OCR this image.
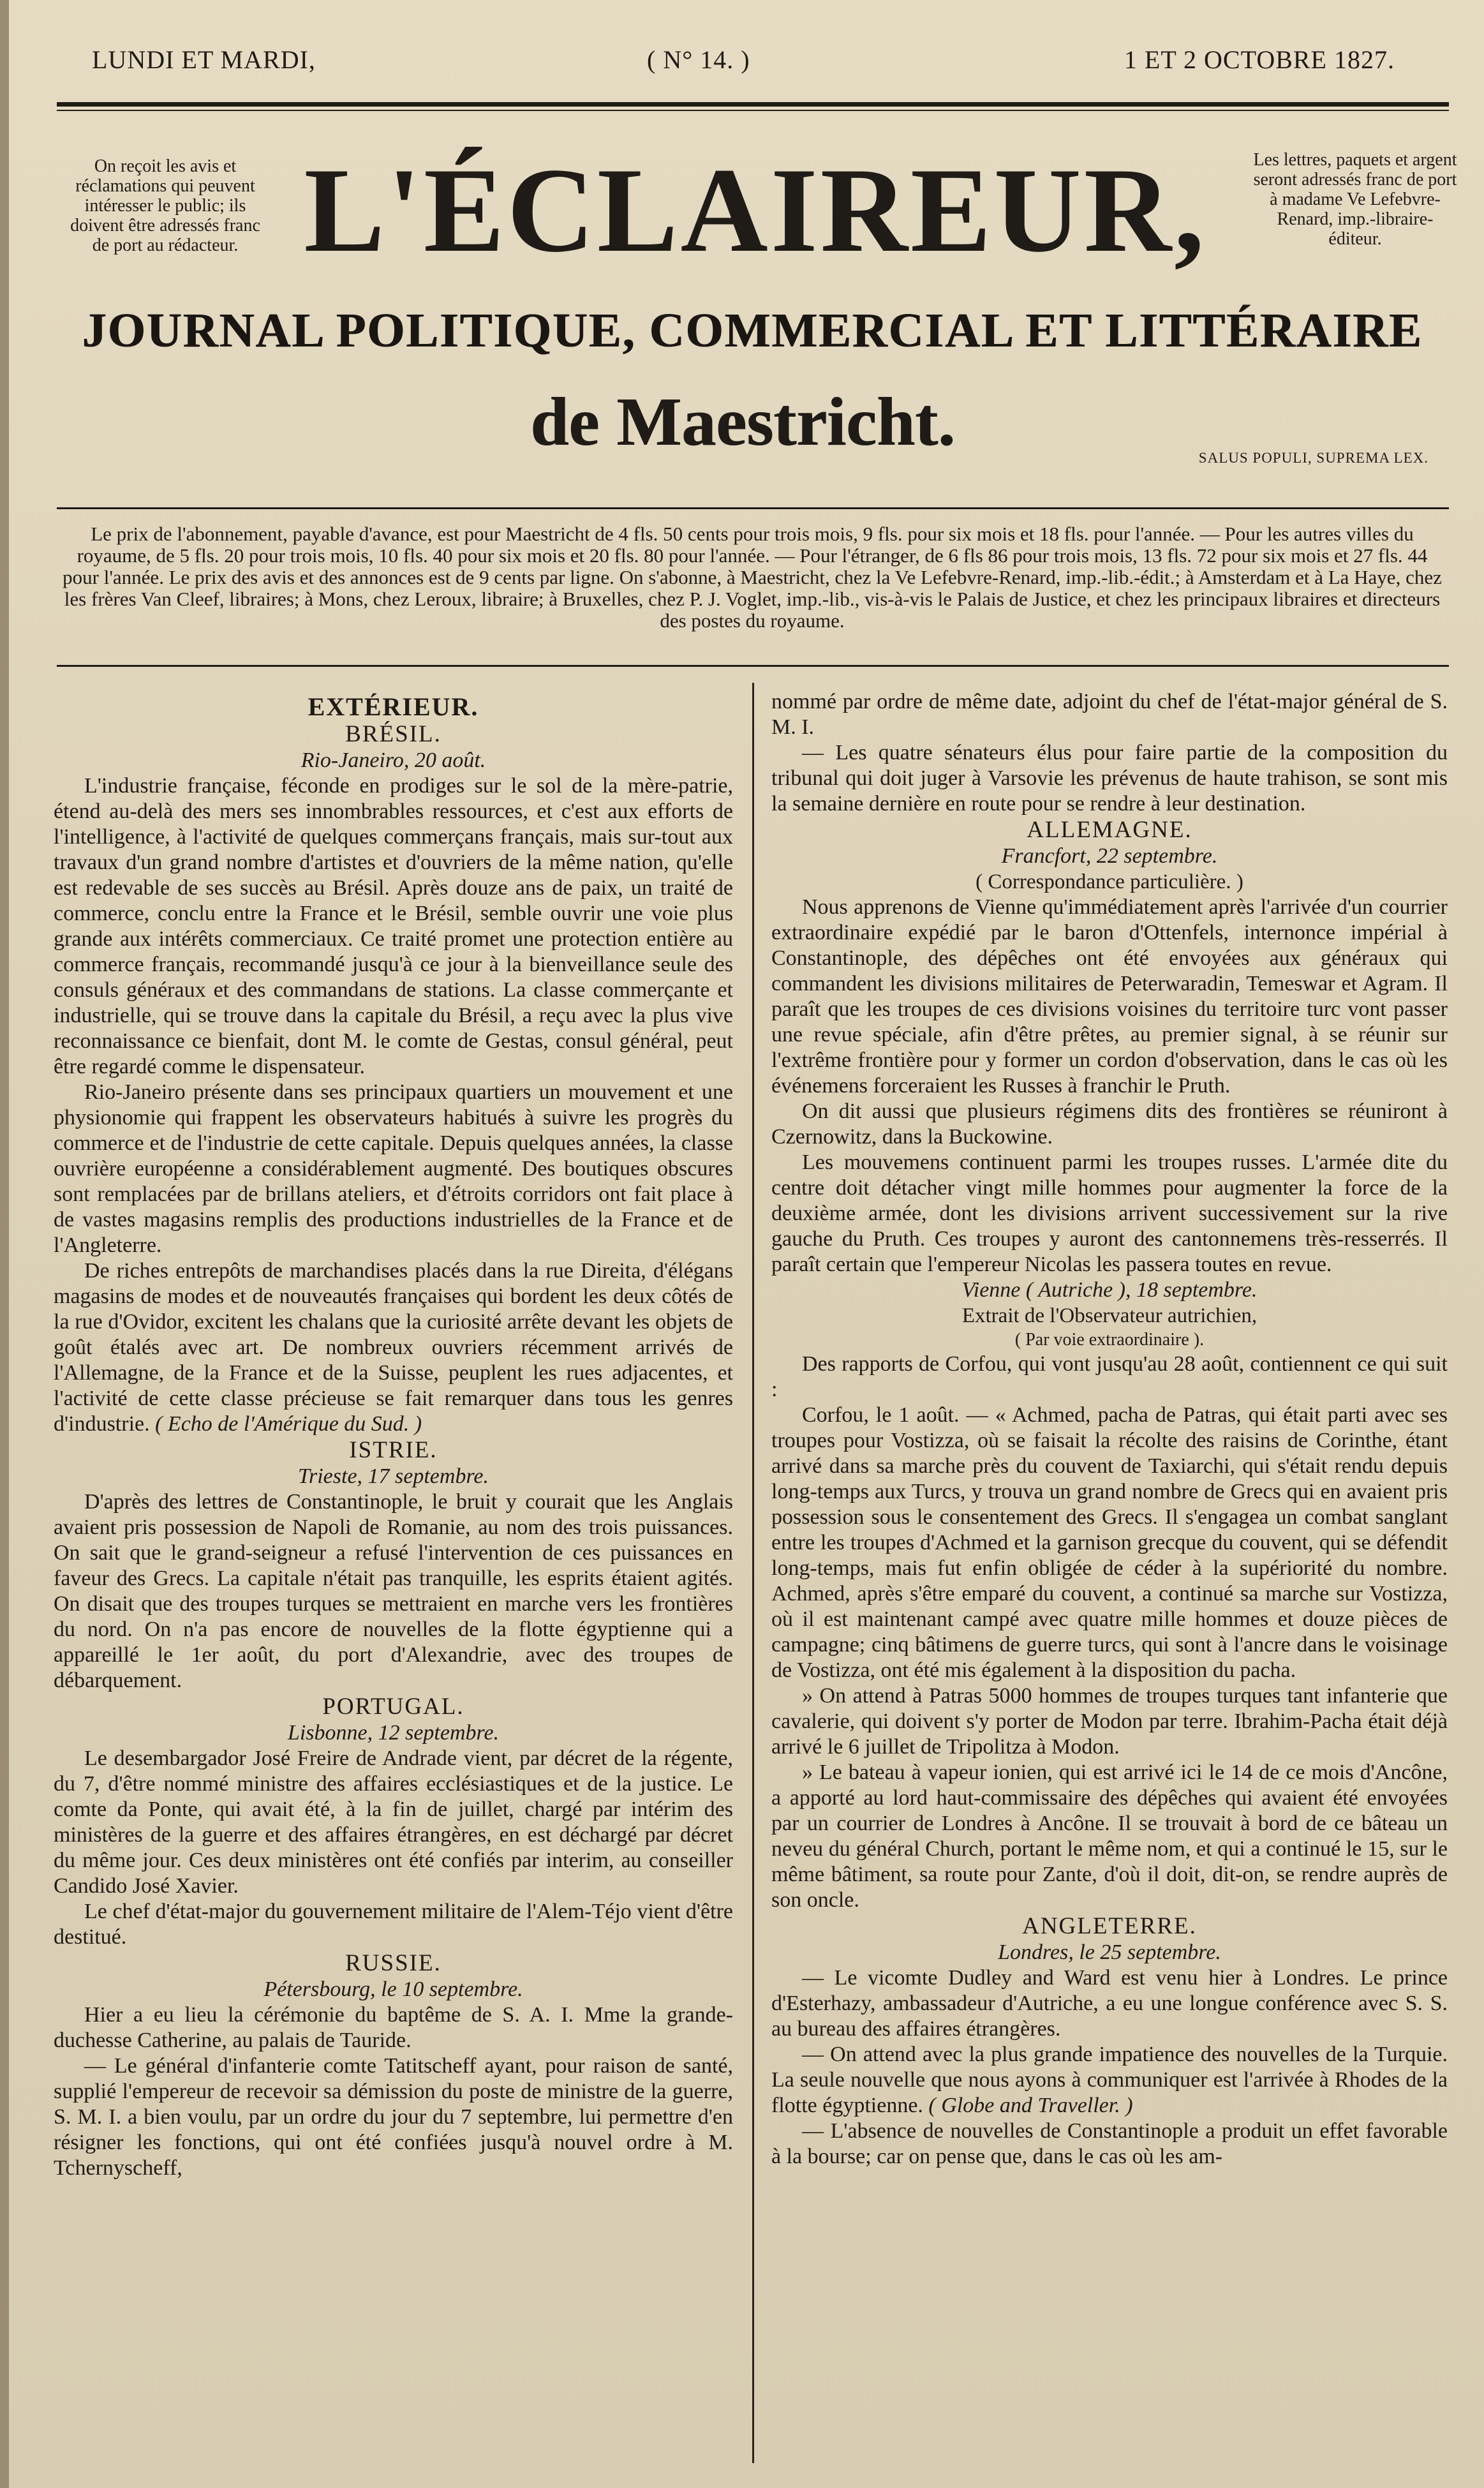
LUNDI ET MARDI,	( N° 14. )	1 ET 2 OCTOBRE 1827.
On reçoit les avis et réclamations qui peuvent intéresser le public; ils doivent être adressés franc de port au rédacteur. L'ÉCLAIREUR,	Les lettres, paquets et argent seront adressés franc de port à madame Ve Lefebvre-Renard, imp.-libraire-éditeur.
JOURNAL POLITIQUE, COMMERCIAL ET LITTÉRAIRE
de Maestricht.	SALUS POPULI, SUPREMA LEX.
Le prix de l'abonnement, payable d'avance, est pour Maestricht de 4 fls. 50 cents pour trois mois, 9 fls. pour six mois et 18 fls. pour l'année. — Pour les autres villes du royaume, de 5 fls. 20 pour trois mois, 10 fls. 40 pour six mois et 20 fls. 80 pour l'année. — Pour l'étranger, de 6 fls 86 pour trois mois, 13 fls. 72 pour six mois et 27 fls. 44 pour l'année. Le prix des avis et des annonces est de 9 cents par ligne. On s'abonne, à Maestricht, chez la Ve Lefebvre-Renard, imp.-lib.-édit.; à Amsterdam et à La Haye, chez les frères Van Cleef, libraires; à Mons, chez Leroux, libraire; à Bruxelles, chez P. J. Voglet, imp.-lib., vis-à-vis le Palais de Justice, et chez les principaux libraires et directeurs des postes du royaume.
EXTÉRIEUR.
BRÉSIL.

Rio-Janeiro, 20 août.

L'industrie française, féconde en prodiges sur le sol de la mère-patrie, étend au-delà des mers ses innombrables ressources, et c'est aux efforts de l'intelligence, à l'activité de quelques commerçans français, mais sur-tout aux travaux d'un grand nombre d'artistes et d'ouvriers de la même nation, qu'elle est redevable de ses succès au Brésil. Après douze ans de paix, un traité de commerce, conclu entre la France et le Brésil, semble ouvrir une voie plus grande aux intérêts commerciaux. Ce traité promet une protection entière au commerce français, recommandé jusqu'à ce jour à la bienveillance seule des consuls généraux et des commandans de stations. La classe commerçante et industrielle, qui se trouve dans la capitale du Brésil, a reçu avec la plus vive reconnaissance ce bienfait, dont M. le comte de Gestas, consul général, peut être regardé comme le dispensateur.

Rio-Janeiro présente dans ses principaux quartiers un mouvement et une physionomie qui frappent les observateurs habitués à suivre les progrès du commerce et de l'industrie de cette capitale. Depuis quelques années, la classe ouvrière européenne a considérablement augmenté. Des boutiques obscures sont remplacées par de brillans ateliers, et d'étroits corridors ont fait place à de vastes magasins remplis des productions industrielles de la France et de l'Angleterre.

De riches entrepôts de marchandises placés dans la rue Direita, d'élégans magasins de modes et de nouveautés françaises qui bordent les deux côtés de la rue d'Ovidor, excitent les chalans que la curiosité arrête devant les objets de goût étalés avec art. De nombreux ouvriers récemment arrivés de l'Allemagne, de la France et de la Suisse, peuplent les rues adjacentes, et l'activité de cette classe précieuse se fait remarquer dans tous les genres d'industrie. ( Echo de l'Amérique du Sud. )

ISTRIE.

Trieste, 17 septembre.

D'après des lettres de Constantinople, le bruit y courait que les Anglais avaient pris possession de Napoli de Romanie, au nom des trois puissances. On sait que le grand-seigneur a refusé l'intervention de ces puissances en faveur des Grecs. La capitale n'était pas tranquille, les esprits étaient agités. On disait que des troupes turques se mettraient en marche vers les frontières du nord. On n'a pas encore de nouvelles de la flotte égyptienne qui a appareillé le 1er août, du port d'Alexandrie, avec des troupes de débarquement.

PORTUGAL.

Lisbonne, 12 septembre.

Le desembargador José Freire de Andrade vient, par décret de la régente, du 7, d'être nommé ministre des affaires ecclésiastiques et de la justice. Le comte da Ponte, qui avait été, à la fin de juillet, chargé par intérim des ministères de la guerre et des affaires étrangères, en est déchargé par décret du même jour. Ces deux ministères ont été confiés par interim, au conseiller Candido José Xavier.

Le chef d'état-major du gouvernement militaire de l'Alem-Téjo vient d'être destitué.

RUSSIE.

Pétersbourg, le 10 septembre.

Hier a eu lieu la cérémonie du baptême de S. A. I. Mme la grande-duchesse Catherine, au palais de Tauride.

— Le général d'infanterie comte Tatitscheff ayant, pour raison de santé, supplié l'empereur de recevoir sa démission du poste de ministre de la guerre, S. M. I. a bien voulu, par un ordre du jour du 7 septembre, lui permettre d'en résigner les fonctions, qui ont été confiées jusqu'à nouvel ordre à M. Tchernyscheff,

nommé par ordre de même date, adjoint du chef de l'état-major général de S. M. I.

— Les quatre sénateurs élus pour faire partie de la composition du tribunal qui doit juger à Varsovie les prévenus de haute trahison, se sont mis la semaine dernière en route pour se rendre à leur destination.

ALLEMAGNE.

Francfort, 22 septembre.

( Correspondance particulière. )

Nous apprenons de Vienne qu'immédiatement après l'arrivée d'un courrier extraordinaire expédié par le baron d'Ottenfels, internonce impérial à Constantinople, des dépêches ont été envoyées aux généraux qui commandent les divisions militaires de Peterwaradin, Temeswar et Agram. Il paraît que les troupes de ces divisions voisines du territoire turc vont passer une revue spéciale, afin d'être prêtes, au premier signal, à se réunir sur l'extrême frontière pour y former un cordon d'observation, dans le cas où les événemens forceraient les Russes à franchir le Pruth.

On dit aussi que plusieurs régimens dits des frontières se réuniront à Czernowitz, dans la Buckowine.

Les mouvemens continuent parmi les troupes russes. L'armée dite du centre doit détacher vingt mille hommes pour augmenter la force de la deuxième armée, dont les divisions arrivent successivement sur la rive gauche du Pruth. Ces troupes y auront des cantonnemens très-resserrés. Il paraît certain que l'empereur Nicolas les passera toutes en revue.

Vienne ( Autriche ), 18 septembre.

Extrait de l'Observateur autrichien,

( Par voie extraordinaire ).

Des rapports de Corfou, qui vont jusqu'au 28 août, contiennent ce qui suit :

Corfou, le 1 août. — « Achmed, pacha de Patras, qui était parti avec ses troupes pour Vostizza, où se faisait la récolte des raisins de Corinthe, étant arrivé dans sa marche près du couvent de Taxiarchi, qui s'était rendu depuis long-temps aux Turcs, y trouva un grand nombre de Grecs qui en avaient pris possession sous le consentement des Grecs. Il s'engagea un combat sanglant entre les troupes d'Achmed et la garnison grecque du couvent, qui se défendit long-temps, mais fut enfin obligée de céder à la supériorité du nombre. Achmed, après s'être emparé du couvent, a continué sa marche sur Vostizza, où il est maintenant campé avec quatre mille hommes et douze pièces de campagne; cinq bâtimens de guerre turcs, qui sont à l'ancre dans le voisinage de Vostizza, ont été mis également à la disposition du pacha.

» On attend à Patras 5000 hommes de troupes turques tant infanterie que cavalerie, qui doivent s'y porter de Modon par terre. Ibrahim-Pacha était déjà arrivé le 6 juillet de Tripolitza à Modon.

» Le bateau à vapeur ionien, qui est arrivé ici le 14 de ce mois d'Ancône, a apporté au lord haut-commissaire des dépêches qui avaient été envoyées par un courrier de Londres à Ancône. Il se trouvait à bord de ce bâteau un neveu du général Church, portant le même nom, et qui a continué le 15, sur le même bâtiment, sa route pour Zante, d'où il doit, dit-on, se rendre auprès de son oncle.

ANGLETERRE.

Londres, le 25 septembre.

— Le vicomte Dudley and Ward est venu hier à Londres. Le prince d'Esterhazy, ambassadeur d'Autriche, a eu une longue conférence avec S. S. au bureau des affaires étrangères.

— On attend avec la plus grande impatience des nouvelles de la Turquie. La seule nouvelle que nous ayons à communiquer est l'arrivée à Rhodes de la flotte égyptienne. ( Globe and Traveller. )

— L'absence de nouvelles de Constantinople a produit un effet favorable à la bourse; car on pense que, dans le cas où les am-
